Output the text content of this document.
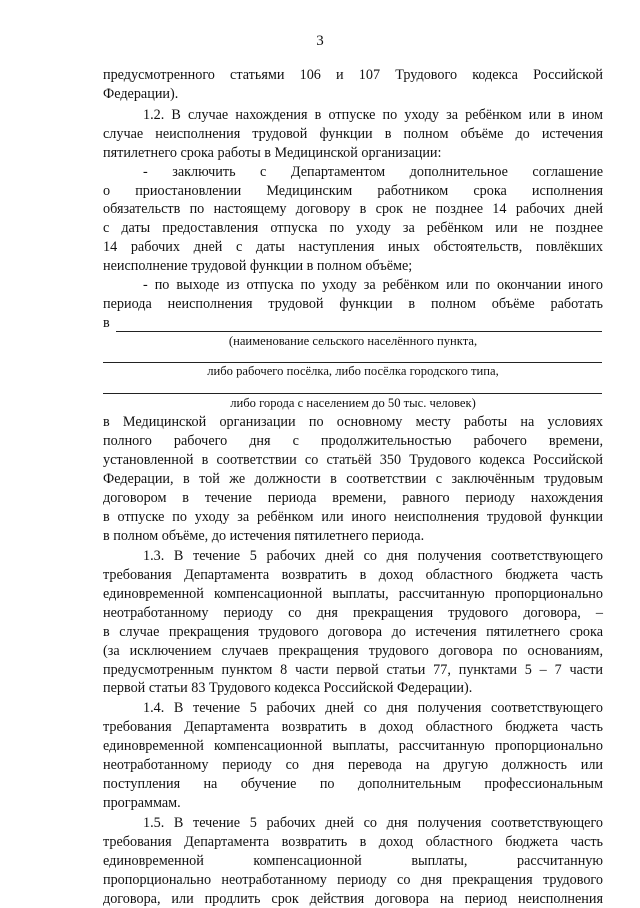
3
предусмотренного статьями 106 и 107 Трудового кодекса Российской
Федерации).
1.2. В случае нахождения в отпуске по уходу за ребёнком или в ином
случае неисполнения трудовой функции в полном объёме до истечения
пятилетнего срока работы в Медицинской организации:
- заключить с Департаментом дополнительное соглашение
о приостановлении Медицинским работником срока исполнения
обязательств по настоящему договору в срок не позднее 14 рабочих дней
с даты предоставления отпуска по уходу за ребёнком или не позднее
14 рабочих дней с даты наступления иных обстоятельств, повлёкших
неисполнение трудовой функции в полном объёме;
- по выходе из отпуска по уходу за ребёнком или по окончании иного
периода неисполнения трудовой функции в полном объёме работать
в
(наименование сельского населённого пункта,
либо рабочего посёлка, либо посёлка городского типа,
либо города с населением до 50 тыс. человек)
в Медицинской организации по основному месту работы на условиях
полного рабочего дня с продолжительностью рабочего времени,
установленной в соответствии со статьёй 350 Трудового кодекса Российской
Федерации, в той же должности в соответствии с заключённым трудовым
договором в течение периода времени, равного периоду нахождения
в отпуске по уходу за ребёнком или иного неисполнения трудовой функции
в полном объёме, до истечения пятилетнего периода.
1.3. В течение 5 рабочих дней со дня получения соответствующего
требования Департамента возвратить в доход областного бюджета часть
единовременной компенсационной выплаты, рассчитанную пропорционально
неотработанному периоду со дня прекращения трудового договора, –
в случае прекращения трудового договора до истечения пятилетнего срока
(за исключением случаев прекращения трудового договора по основаниям,
предусмотренным пунктом 8 части первой статьи 77, пунктами 5 – 7 части
первой статьи 83 Трудового кодекса Российской Федерации).
1.4. В течение 5 рабочих дней со дня получения соответствующего
требования Департамента возвратить в доход областного бюджета часть
единовременной компенсационной выплаты, рассчитанную пропорционально
неотработанному периоду со дня перевода на другую должность или
поступления на обучение по дополнительным профессиональным
программам.
1.5. В течение 5 рабочих дней со дня получения соответствующего
требования Департамента возвратить в доход областного бюджета часть
единовременной компенсационной выплаты, рассчитанную
пропорционально неотработанному периоду со дня прекращения трудового
договора, или продлить срок действия договора на период неисполнения
